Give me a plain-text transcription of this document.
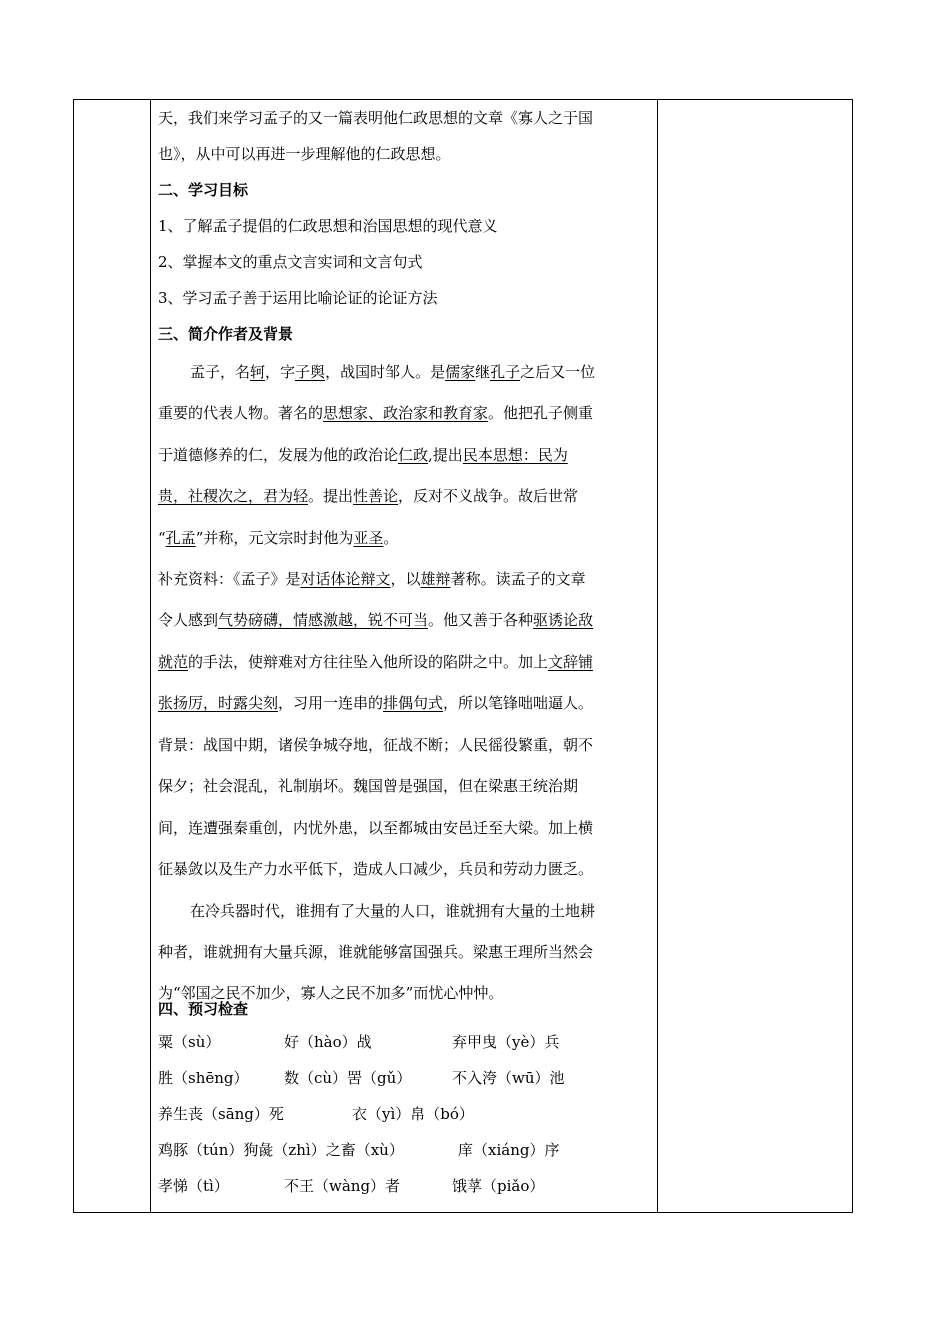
天，我们来学习孟子的又一篇表明他仁政思想的文章《寡人之于国
也》，从中可以再进一步理解他的仁政思想。
二、学习目标
1、了解孟子提倡的仁政思想和治国思想的现代意义
2、掌握本文的重点文言实词和文言句式
3、学习孟子善于运用比喻论证的论证方法
三、简介作者及背景
孟子，名轲，字子舆，战国时邹人。是儒家继孔子之后又一位
重要的代表人物。著名的思想家、政治家和教育家。他把孔子侧重
于道德修养的仁，发展为他的政治论仁政,提出民本思想：民为
贵，社稷次之，君为轻。提出性善论，反对不义战争。故后世常
“孔孟”并称，元文宗时封他为亚圣。
补充资料：《孟子》是对话体论辩文，以雄辩著称。读孟子的文章
令人感到气势磅礴，情感激越，锐不可当。他又善于各种驱诱论敌
就范的手法，使辩难对方往往坠入他所设的陷阱之中。加上文辞铺
张扬厉，时露尖刻，习用一连串的排偶句式，所以笔锋咄咄逼人。
背景：战国中期，诸侯争城夺地，征战不断；人民徭役繁重，朝不
保夕；社会混乱，礼制崩坏。魏国曾是强国，但在梁惠王统治期
间，连遭强秦重创，内忧外患，以至都城由安邑迁至大梁。加上横
征暴敛以及生产力水平低下，造成人口减少，兵员和劳动力匮乏。
在冷兵器时代，谁拥有了大量的人口，谁就拥有大量的土地耕
种者，谁就拥有大量兵源，谁就能够富国强兵。梁惠王理所当然会
为“邻国之民不加少，寡人之民不加多”而忧心忡忡。
四、预习检查
粟（sù）	好（hào）战	弃甲曳（yè）兵
胜（shēng） 数（cù）罟（gǔ）	不入洿（wū）池
养生丧（sāng）死	衣（yì）帛（bó）
鸡豚（tún）狗彘（zhì）之畜（xù）	庠（xiáng）序
孝悌（tì）	不王（wàng）者	饿莩（piǎo）
